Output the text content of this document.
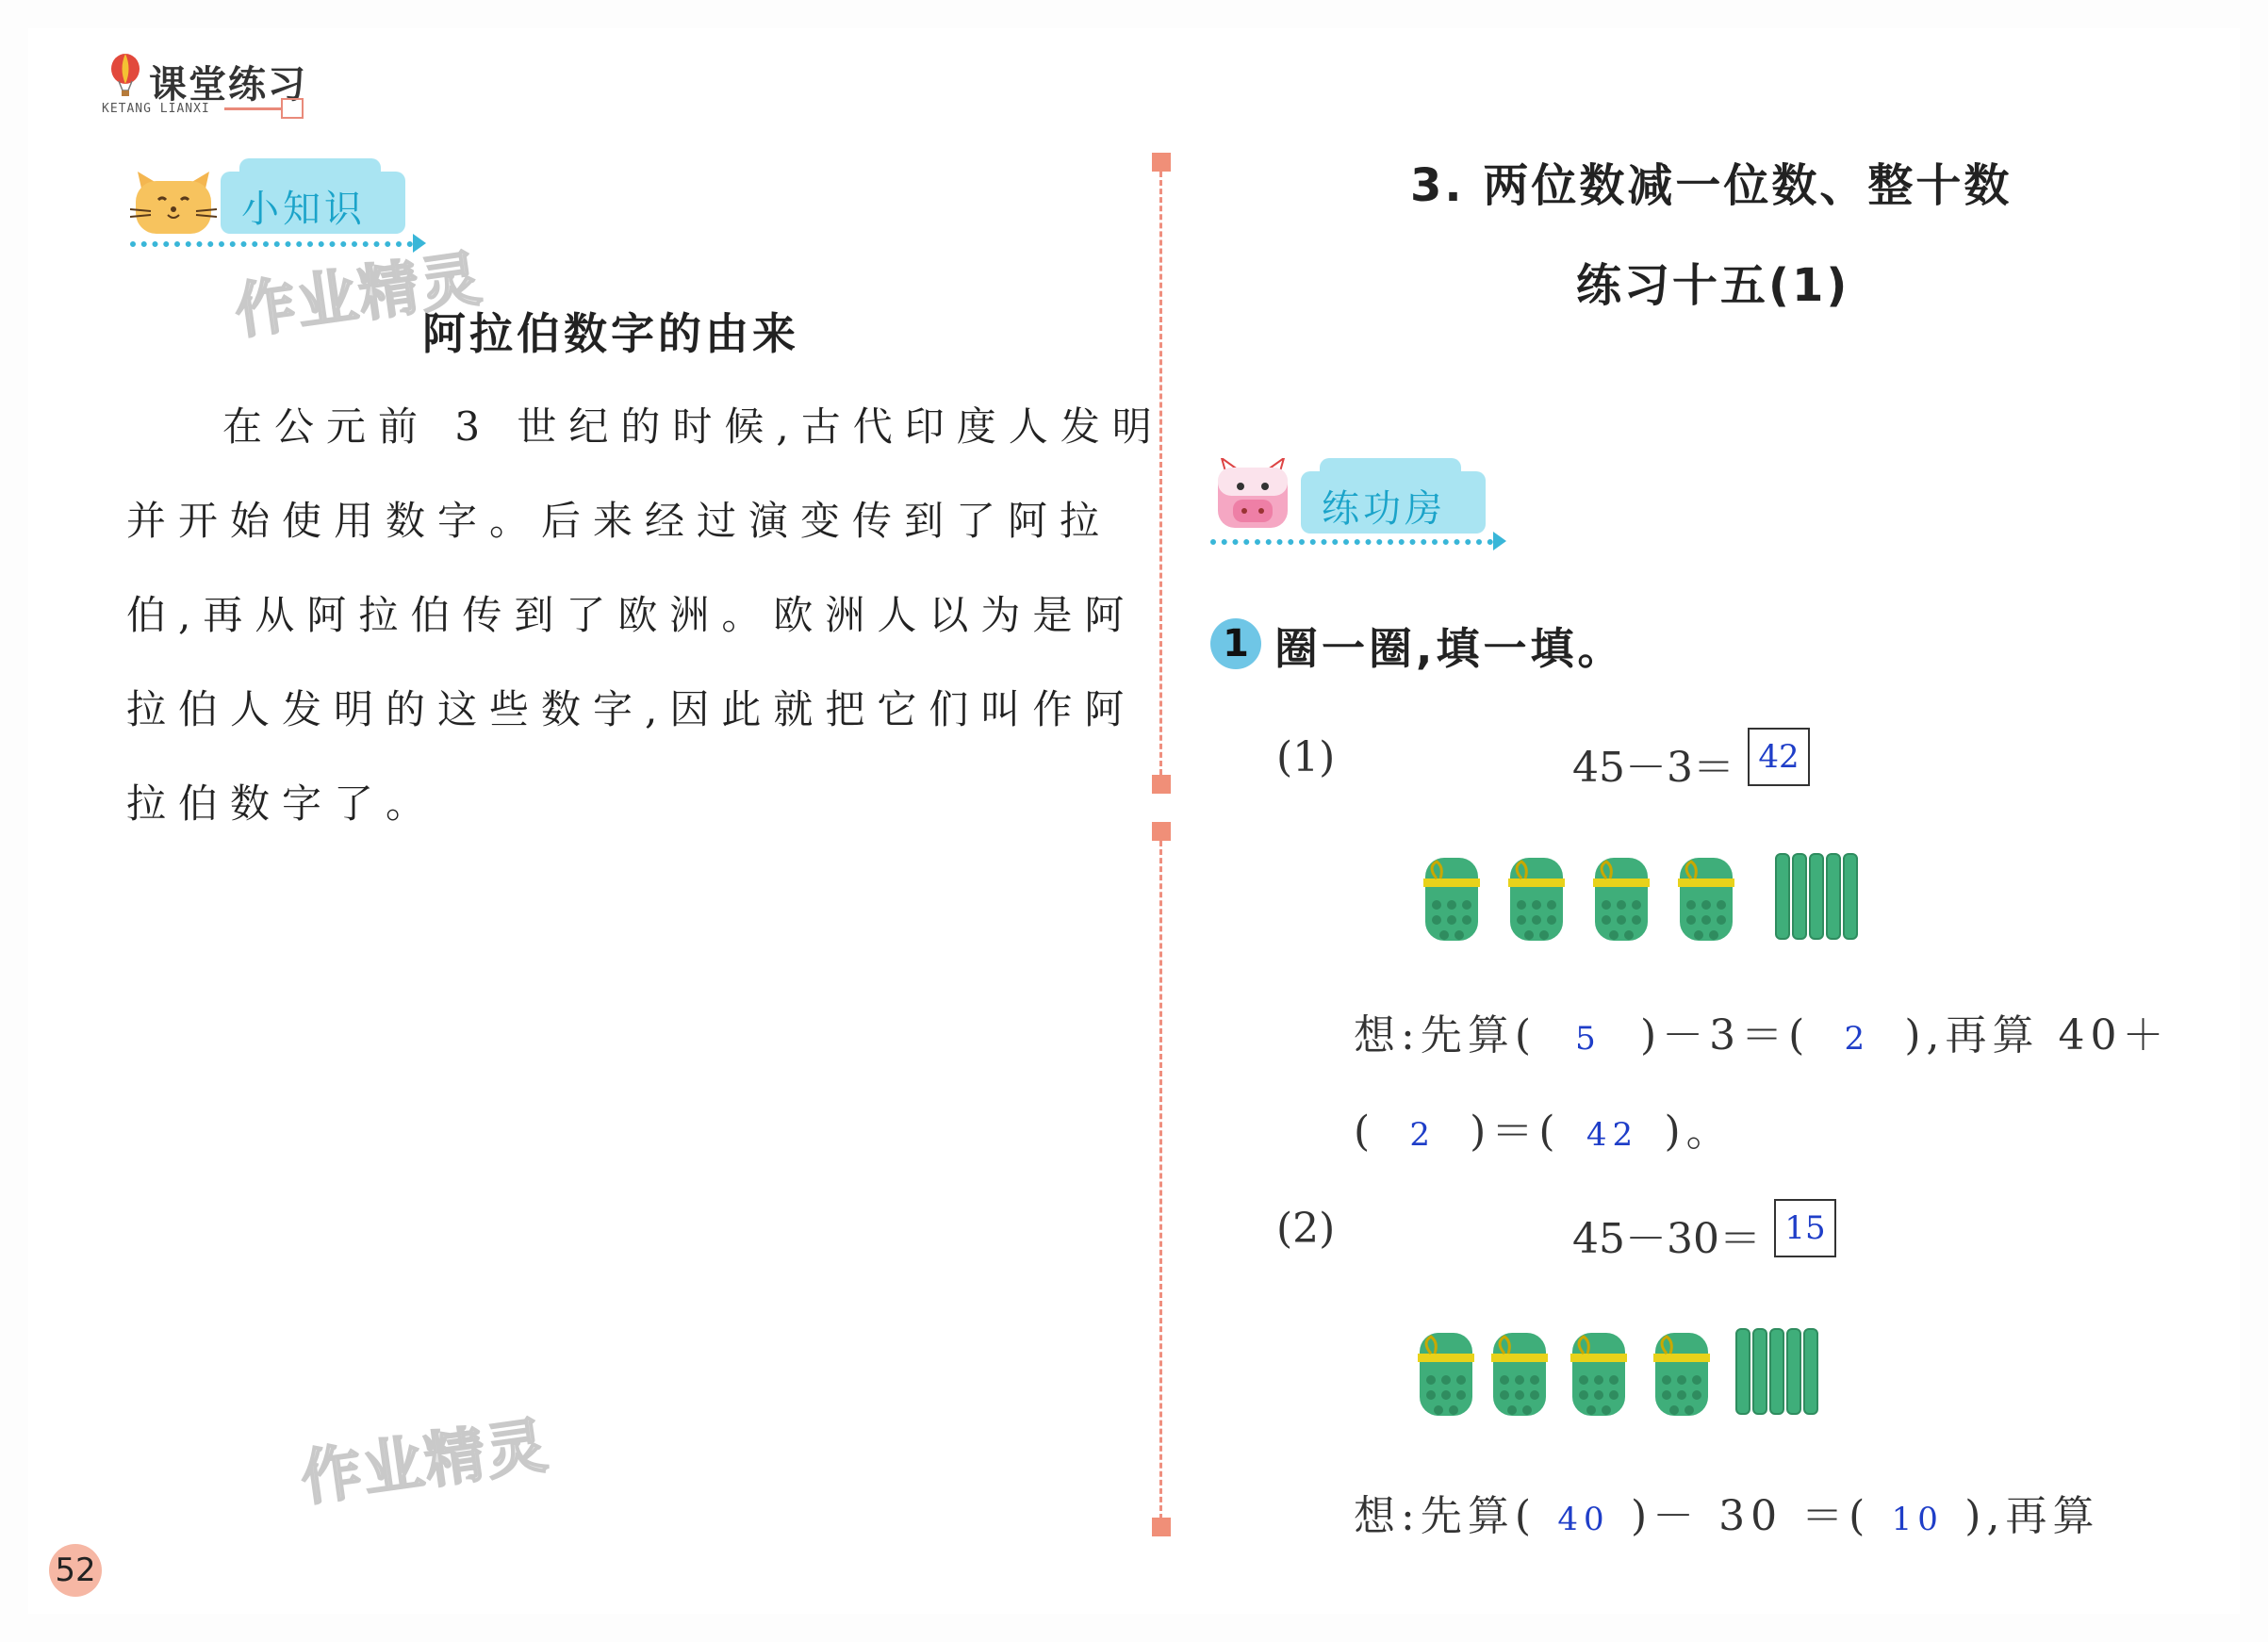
课堂练习
KETANG LIANXI
小知识
作业精灵
阿拉伯数字的由来
在公元前 3 世纪的时候,古代印度人发明
并开始使用数字。后来经过演变传到了阿拉
伯,再从阿拉伯传到了欧洲。欧洲人以为是阿
拉伯人发明的这些数字,因此就把它们叫作阿
拉伯数字了。
作业精灵
52
3. 两位数减一位数、整十数
练习十五(1)
练功房
1 圈一圈,填一填。
(1)	45－3＝ 42
想:先算( 5 )－3＝( 2 ),再算 40＋
( 2 )＝( 42 )。
(2)	45－30＝ 15
想:先算( 40 )－ 30 ＝( 10 ),再算
